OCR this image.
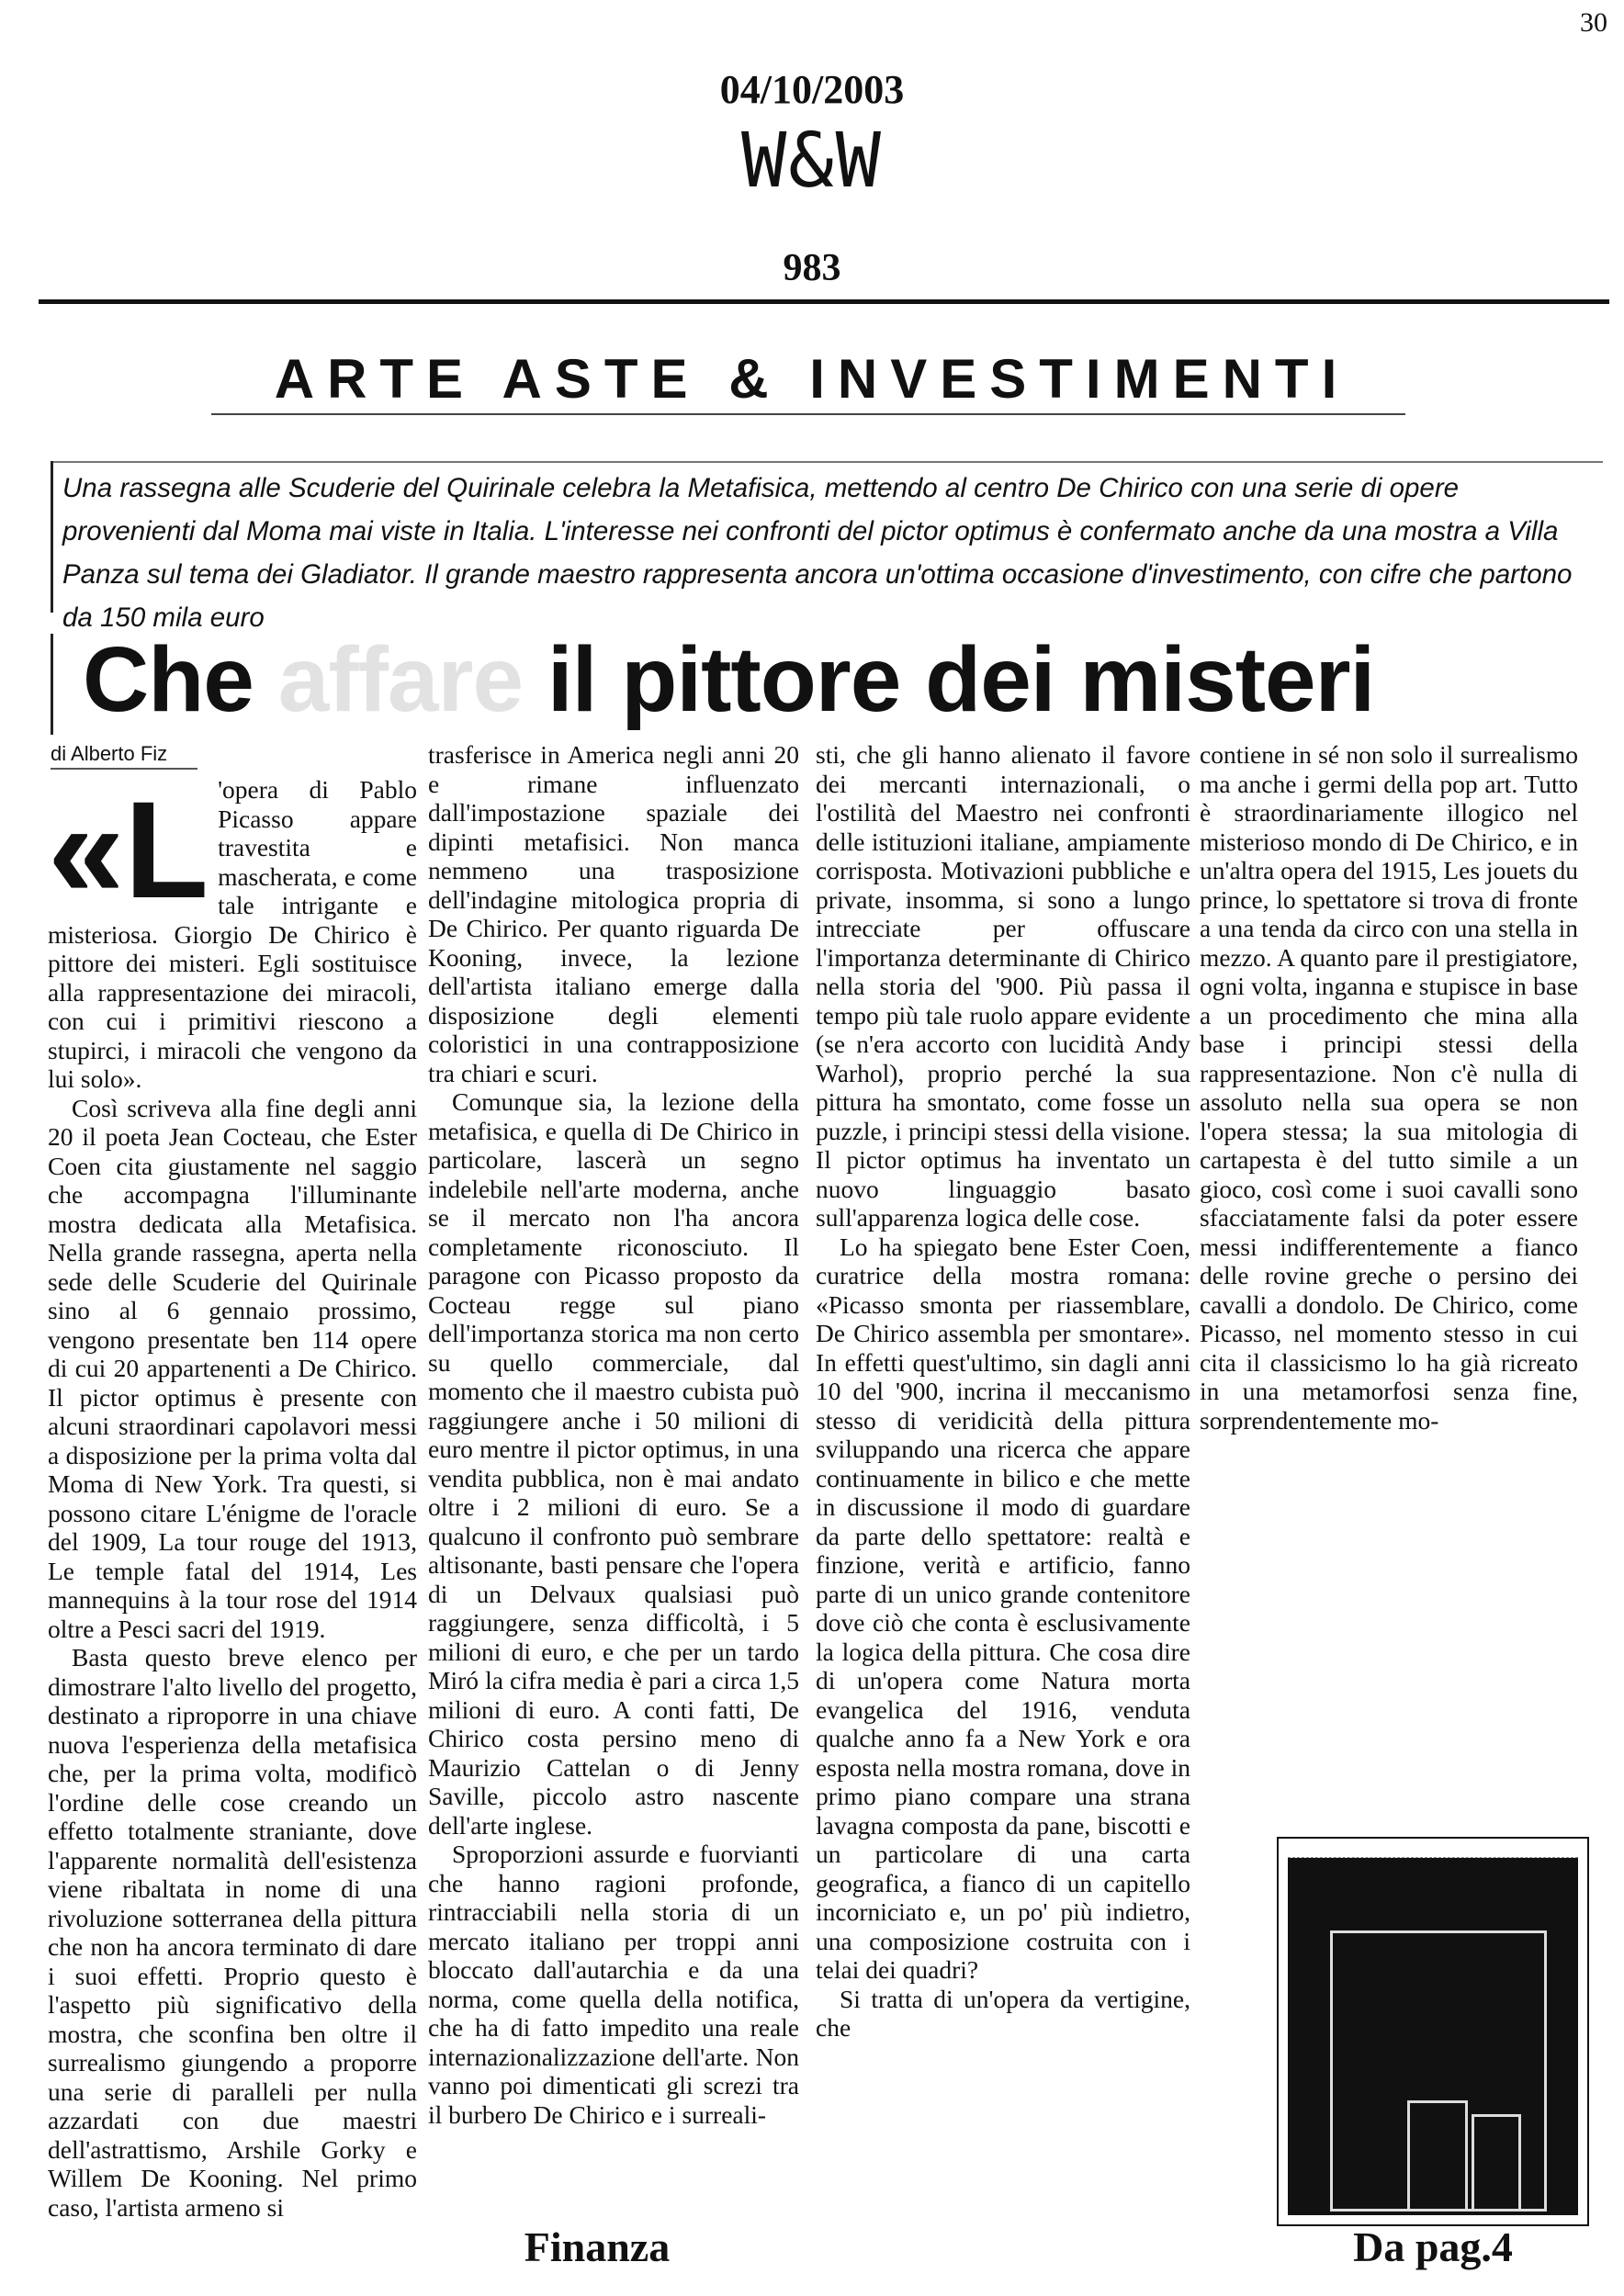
30
04/10/2003
W&W
983
ARTE ASTE & INVESTIMENTI
Una rassegna alle Scuderie del Quirinale celebra la Metafisica, mettendo al centro De Chirico con una serie di opere provenienti dal Moma mai viste in Italia. L'interesse nei confronti del pictor optimus è confermato anche da una mostra a Villa Panza sul tema dei Gladiator. Il grande maestro rappresenta ancora un'ottima occasione d'investimento, con cifre che partono da 150 mila euro
Che affare il pittore dei misteri
di Alberto Fiz

«L 'opera di Pablo Picasso appare travestita e mascherata, e come tale intrigante e misteriosa. Giorgio De Chirico è pittore dei misteri. Egli sostituisce alla rappresentazione dei miracoli, con cui i primitivi riescono a stupirci, i miracoli che vengono da lui solo».

Così scriveva alla fine degli anni 20 il poeta Jean Cocteau, che Ester Coen cita giustamente nel saggio che accompagna l'illuminante mostra dedicata alla Metafisica. Nella grande rassegna, aperta nella sede delle Scuderie del Quirinale sino al 6 gennaio prossimo, vengono presentate ben 114 opere di cui 20 appartenenti a De Chirico. Il pictor optimus è presente con alcuni straordinari capolavori messi a disposizione per la prima volta dal Moma di New York. Tra questi, si possono citare L'énigme de l'oracle del 1909, La tour rouge del 1913, Le temple fatal del 1914, Les mannequins à la tour rose del 1914 oltre a Pesci sacri del 1919.

Basta questo breve elenco per dimostrare l'alto livello del progetto, destinato a riproporre in una chiave nuova l'esperienza della metafisica che, per la prima volta, modificò l'ordine delle cose creando un effetto totalmente straniante, dove l'apparente normalità dell'esistenza viene ribaltata in nome di una rivoluzione sotterranea della pittura che non ha ancora terminato di dare i suoi effetti. Proprio questo è l'aspetto più significativo della mostra, che sconfina ben oltre il surrealismo giungendo a proporre una serie di paralleli per nulla azzardati con due maestri dell'astrattismo, Arshile Gorky e Willem De Kooning. Nel primo caso, l'artista armeno si

trasferisce in America negli anni 20 e rimane influenzato dall'impostazione spaziale dei dipinti metafisici. Non manca nemmeno una trasposizione dell'indagine mitologica propria di De Chirico. Per quanto riguarda De Kooning, invece, la lezione dell'artista italiano emerge dalla disposizione degli elementi coloristici in una contrapposizione tra chiari e scuri.

Comunque sia, la lezione della metafisica, e quella di De Chirico in particolare, lascerà un segno indelebile nell'arte moderna, anche se il mercato non l'ha ancora completamente riconosciuto. Il paragone con Picasso proposto da Cocteau regge sul piano dell'importanza storica ma non certo su quello commerciale, dal momento che il maestro cubista può raggiungere anche i 50 milioni di euro mentre il pictor optimus, in una vendita pubblica, non è mai andato oltre i 2 milioni di euro. Se a qualcuno il confronto può sembrare altisonante, basti pensare che l'opera di un Delvaux qualsiasi può raggiungere, senza difficoltà, i 5 milioni di euro, e che per un tardo Miró la cifra media è pari a circa 1,5 milioni di euro. A conti fatti, De Chirico costa persino meno di Maurizio Cattelan o di Jenny Saville, piccolo astro nascente dell'arte inglese.

Sproporzioni assurde e fuorvianti che hanno ragioni profonde, rintracciabili nella storia di un mercato italiano per troppi anni bloccato dall'autarchia e da una norma, come quella della notifica, che ha di fatto impedito una reale internazionalizzazione dell'arte. Non vanno poi dimenticati gli screzi tra il burbero De Chirico e i surreali-

sti, che gli hanno alienato il favore dei mercanti internazionali, o l'ostilità del Maestro nei confronti delle istituzioni italiane, ampiamente corrisposta. Motivazioni pubbliche e private, insomma, si sono a lungo intrecciate per offuscare l'importanza determinante di Chirico nella storia del '900. Più passa il tempo più tale ruolo appare evidente (se n'era accorto con lucidità Andy Warhol), proprio perché la sua pittura ha smontato, come fosse un puzzle, i principi stessi della visione. Il pictor optimus ha inventato un nuovo linguaggio basato sull'apparenza logica delle cose.

Lo ha spiegato bene Ester Coen, curatrice della mostra romana: «Picasso smonta per riassemblare, De Chirico assembla per smontare». In effetti quest'ultimo, sin dagli anni 10 del '900, incrina il meccanismo stesso di veridicità della pittura sviluppando una ricerca che appare continuamente in bilico e che mette in discussione il modo di guardare da parte dello spettatore: realtà e finzione, verità e artificio, fanno parte di un unico grande contenitore dove ciò che conta è esclusivamente la logica della pittura. Che cosa dire di un'opera come Natura morta evangelica del 1916, venduta qualche anno fa a New York e ora esposta nella mostra romana, dove in primo piano compare una strana lavagna composta da pane, biscotti e un particolare di una carta geografica, a fianco di un capitello incorniciato e, un po' più indietro, una composizione costruita con i telai dei quadri?

Si tratta di un'opera da vertigine, che

contiene in sé non solo il surrealismo ma anche i germi della pop art. Tutto è straordinariamente illogico nel misterioso mondo di De Chirico, e in un'altra opera del 1915, Les jouets du prince, lo spettatore si trova di fronte a una tenda da circo con una stella in mezzo. A quanto pare il prestigiatore, ogni volta, inganna e stupisce in base a un procedimento che mina alla base i principi stessi della rappresentazione. Non c'è nulla di assoluto nella sua opera se non l'opera stessa; la sua mitologia di cartapesta è del tutto simile a un gioco, così come i suoi cavalli sono sfacciatamente falsi da poter essere messi indifferentemente a fianco delle rovine greche o persino dei cavalli a dondolo. De Chirico, come Picasso, nel momento stesso in cui cita il classicismo lo ha già ricreato in una metamorfosi senza fine, sorprendentemente mo-

Finanza	Da pag.4
